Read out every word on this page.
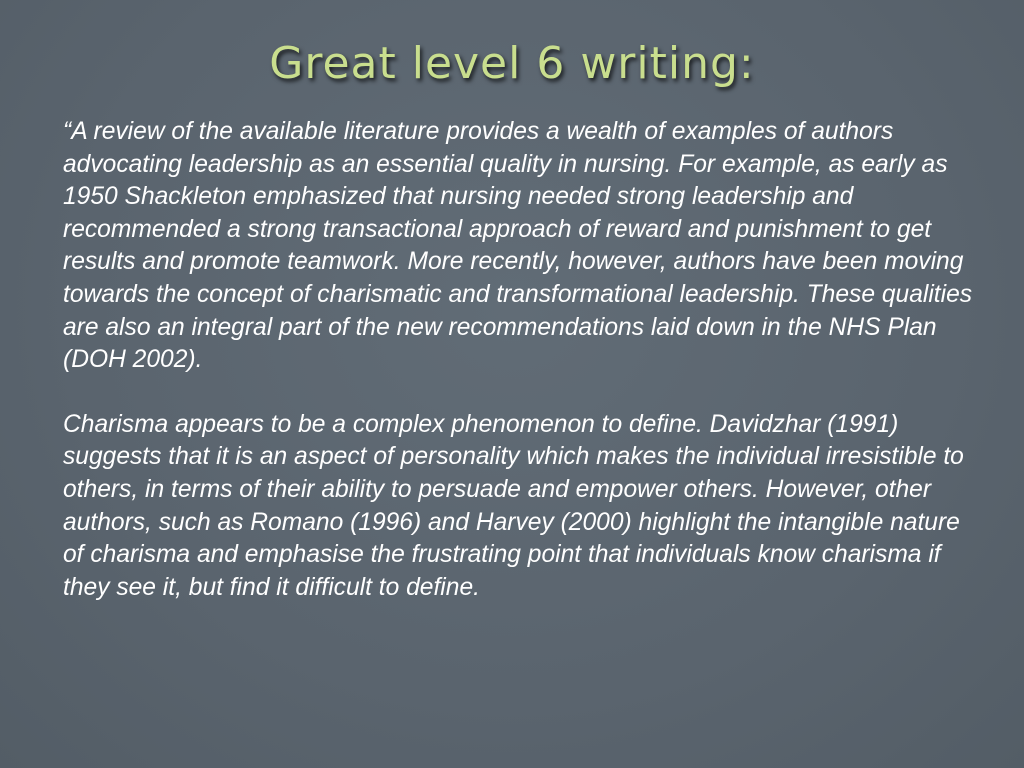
Great level 6 writing:

“A review of the available literature provides a wealth of examples of authors advocating leadership as an essential quality in nursing. For example, as early as 1950 Shackleton emphasized that nursing needed strong leadership and recommended a strong transactional approach of reward and punishment to get results and promote teamwork. More recently, however, authors have been moving towards the concept of charismatic and transformational leadership. These qualities are also an integral part of the new recommendations laid down in the NHS Plan (DOH 2002).

Charisma appears to be a complex phenomenon to define. Davidzhar (1991) suggests that it is an aspect of personality which makes the individual irresistible to others, in terms of their ability to persuade and empower others. However, other authors, such as Romano (1996) and Harvey (2000) highlight the intangible nature of charisma and emphasise the frustrating point that individuals know charisma if they see it, but find it difficult to define.
